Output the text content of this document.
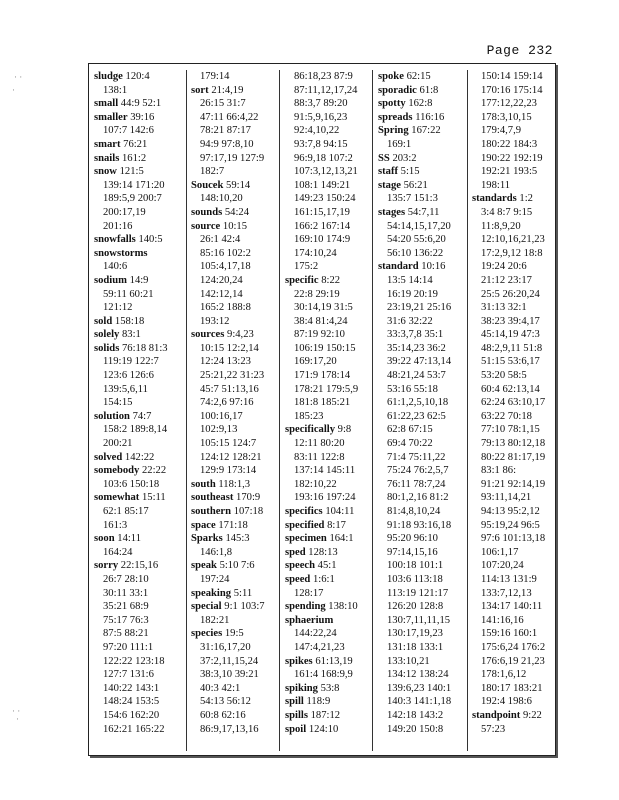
Page 232
· ·
·
· ·
·
sludge 120:4
138:1
small 44:9 52:1
smaller 39:16
107:7 142:6
smart 76:21
snails 161:2
snow 121:5
139:14 171:20
189:5,9 200:7
200:17,19
201:16
snowfalls 140:5
snowstorms
140:6
sodium 14:9
59:11 60:21
121:12
sold 158:18
solely 83:1
solids 76:18 81:3
119:19 122:7
123:6 126:6
139:5,6,11
154:15
solution 74:7
158:2 189:8,14
200:21
solved 142:22
somebody 22:22
103:6 150:18
somewhat 15:11
62:1 85:17
161:3
soon 14:11
164:24
sorry 22:15,16
26:7 28:10
30:11 33:1
35:21 68:9
75:17 76:3
87:5 88:21
97:20 111:1
122:22 123:18
127:7 131:6
140:22 143:1
148:24 153:5
154:6 162:20
162:21 165:22
179:14
sort 21:4,19
26:15 31:7
47:11 66:4,22
78:21 87:17
94:9 97:8,10
97:17,19 127:9
182:7
Soucek 59:14
148:10,20
sounds 54:24
source 10:15
26:1 42:4
85:16 102:2
105:4,17,18
124:20,24
142:12,14
165:2 188:8
193:12
sources 9:4,23
10:15 12:2,14
12:24 13:23
25:21,22 31:23
45:7 51:13,16
74:2,6 97:16
100:16,17
102:9,13
105:15 124:7
124:12 128:21
129:9 173:14
south 118:1,3
southeast 170:9
southern 107:18
space 171:18
Sparks 145:3
146:1,8
speak 5:10 7:6
197:24
speaking 5:11
special 9:1 103:7
182:21
species 19:5
31:16,17,20
37:2,11,15,24
38:3,10 39:21
40:3 42:1
54:13 56:12
60:8 62:16
86:9,17,13,16
86:18,23 87:9
87:11,12,17,24
88:3,7 89:20
91:5,9,16,23
92:4,10,22
93:7,8 94:15
96:9,18 107:2
107:3,12,13,21
108:1 149:21
149:23 150:24
161:15,17,19
166:2 167:14
169:10 174:9
174:10,24
175:2
specific 8:22
22:8 29:19
30:14,19 31:5
38:4 81:4,24
87:19 92:10
106:19 150:15
169:17,20
171:9 178:14
178:21 179:5,9
181:8 185:21
185:23
specifically 9:8
12:11 80:20
83:11 122:8
137:14 145:11
182:10,22
193:16 197:24
specifics 104:11
specified 8:17
specimen 164:1
sped 128:13
speech 45:1
speed 1:6:1
128:17
spending 138:10
sphaerium
144:22,24
147:4,21,23
spikes 61:13,19
161:4 168:9,9
spiking 53:8
spill 118:9
spills 187:12
spoil 124:10
spoke 62:15
sporadic 61:8
spotty 162:8
spreads 116:16
Spring 167:22
169:1
SS 203:2
staff 5:15
stage 56:21
135:7 151:3
stages 54:7,11
54:14,15,17,20
54:20 55:6,20
56:10 136:22
standard 10:16
13:5 14:14
16:19 20:19
23:19,21 25:16
31:6 32:22
33:3,7,8 35:1
35:14,23 36:2
39:22 47:13,14
48:21,24 53:7
53:16 55:18
61:1,2,5,10,18
61:22,23 62:5
62:8 67:15
69:4 70:22
71:4 75:11,22
75:24 76:2,5,7
76:11 78:7,24
80:1,2,16 81:2
81:4,8,10,24
91:18 93:16,18
95:20 96:10
97:14,15,16
100:18 101:1
103:6 113:18
113:19 121:17
126:20 128:8
130:7,11,11,15
130:17,19,23
131:18 133:1
133:10,21
134:12 138:24
139:6,23 140:1
140:3 141:1,18
142:18 143:2
149:20 150:8
150:14 159:14
170:16 175:14
177:12,22,23
178:3,10,15
179:4,7,9
180:22 184:3
190:22 192:19
192:21 193:5
198:11
standards 1:2
3:4 8:7 9:15
11:8,9,20
12:10,16,21,23
17:2,9,12 18:8
19:24 20:6
21:12 23:17
25:5 26:20,24
31:13 32:1
38:23 39:4,17
45:14,19 47:3
48:2,9,11 51:8
51:15 53:6,17
53:20 58:5
60:4 62:13,14
62:24 63:10,17
63:22 70:18
77:10 78:1,15
79:13 80:12,18
80:22 81:17,19
83:1 86:
91:21 92:14,19
93:11,14,21
94:13 95:2,12
95:19,24 96:5
97:6 101:13,18
106:1,17
107:20,24
114:13 131:9
133:7,12,13
134:17 140:11
141:16,16
159:16 160:1
175:6,24 176:2
176:6,19 21,23
178:1,6,12
180:17 183:21
192:4 198:6
standpoint 9:22
57:23
